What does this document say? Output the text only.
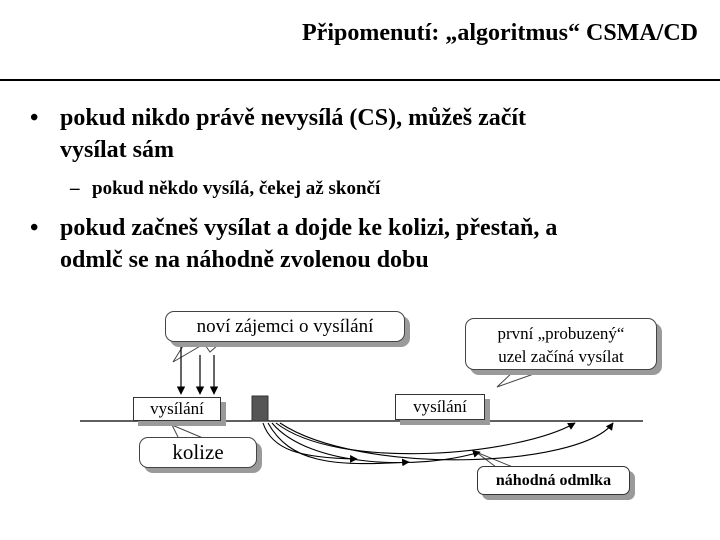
Připomenutí: „algoritmus“ CSMA/CD
• pokud nikdo právě nevysílá (CS), můžeš začít
vysílat sám
– pokud někdo vysílá, čekej až skončí
• pokud začneš vysílat a dojde ke kolizi, přestaň, a
odmlč se na náhodně zvolenou dobu
noví zájemci o vysílání	první „probuzený“
uzel začíná vysílat
vysílání	vysílání
kolize
náhodná odmlka
